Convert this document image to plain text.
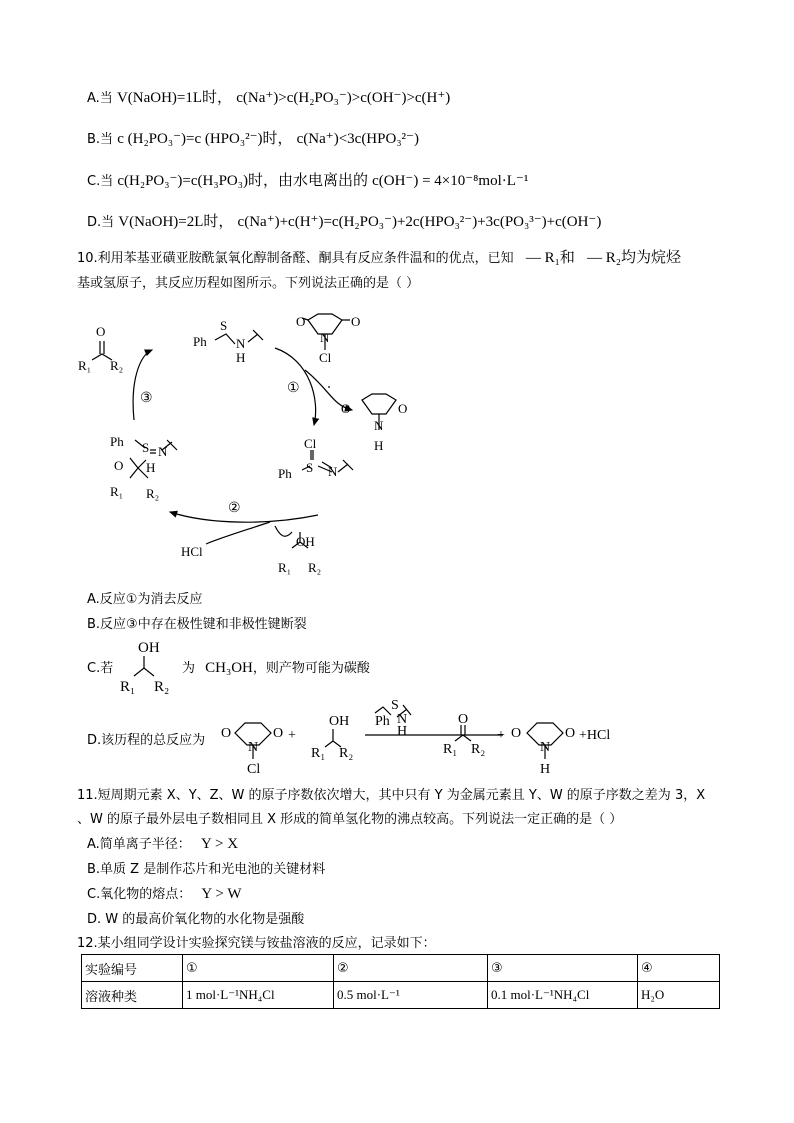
A.当 V(NaOH)=1L时， c(Na⁺)>c(H₂PO₃⁻)>c(OH⁻)>c(H⁺)
B.当 c (H₂PO₃⁻)=c (HPO₃²⁻)时， c(Na⁺)<3c(HPO₃²⁻)
C.当 c(H₂PO₃⁻)=c(H₃PO₃)时，由水电离出的 c(OH⁻) = 4×10⁻⁸mol·L⁻¹
D.当 V(NaOH)=2L时， c(Na⁺)+c(H⁺)=c(H₂PO₃⁻)+2c(HPO₃²⁻)+3c(PO₃³⁻)+c(OH⁻)
10.利用苯基亚磺亚胺酰氯氧化醇制备醛、酮具有反应条件温和的优点，已知 — R₁和 — R₂均为烷烃
基或氢原子，其反应历程如图所示。下列说法正确的是（ ）
O
R₁ R₂
Ph
S
N
H
O	O
N
Cl
O	O
N
H
Cl
Ph S N
Ph S N
O H
R₁ R₂
HCl
OH
R₁ R₂
①
②
③
A.反应①为消去反应
B.反应③中存在极性键和非极性键断裂
C.若
OH
R₁ R₂
为 CH₃OH，则产物可能为碳酸
D.该历程的总反应为 O	O
N
Cl
+
OH
R₁ R₂
Ph
S
N
H
O
R₁ R₂
+ O	O
N
H
+HCl
11.短周期元素 X、Y、Z、W 的原子序数依次增大，其中只有 Y 为金属元素且 Y、W 的原子序数之差为 3，X
、W 的原子最外层电子数相同且 X 形成的简单氢化物的沸点较高。下列说法一定正确的是（ ）
A.简单离子半径： Y > X
B.单质 Z 是制作芯片和光电池的关键材料
C.氧化物的熔点： Y > W
D. W 的最高价氧化物的水化物是强酸
12.某小组同学设计实验探究镁与铵盐溶液的反应，记录如下：
实验编号	①	②	③	④
溶液种类	1 mol·L⁻¹NH₄Cl	0.5 mol·L⁻¹	0.1 mol·L⁻¹NH₄Cl	H₂O
